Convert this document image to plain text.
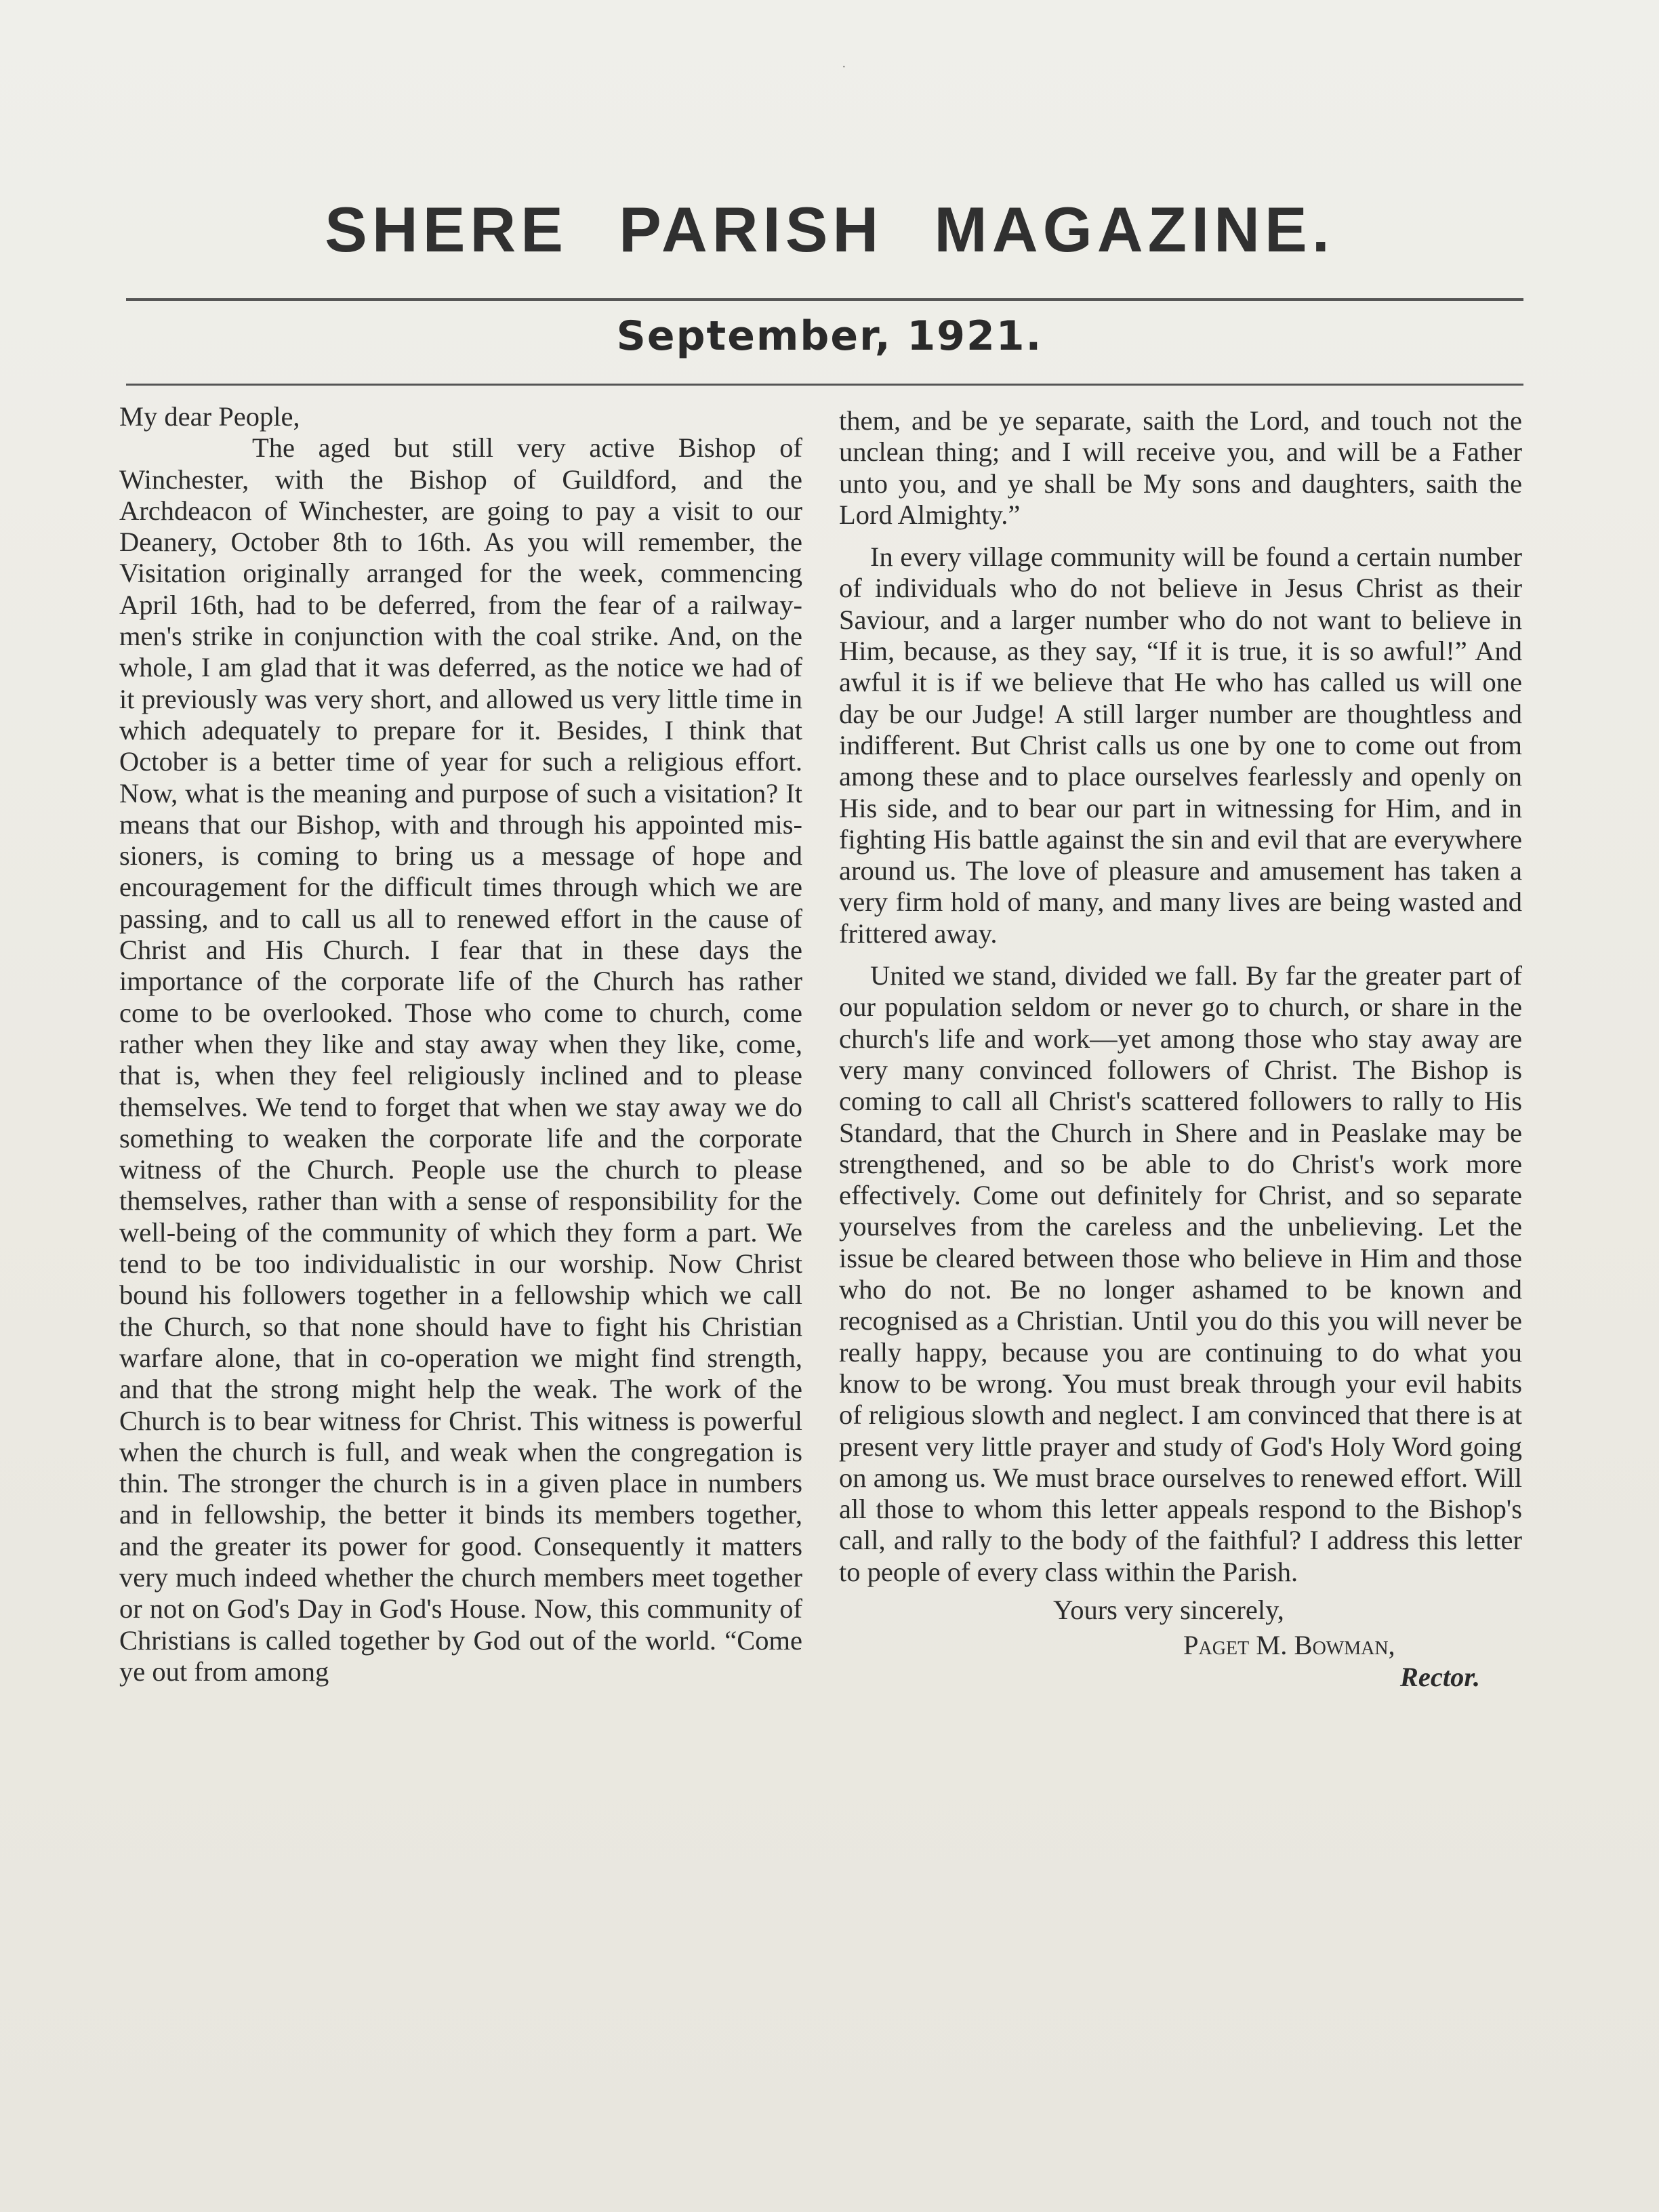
·
SHERE PARISH MAGAZINE.
September, 1921.

My dear People,

The aged but still very active Bishop of Winchester, with the Bishop of Guildford, and the Archdeacon of Winchester, are going to pay a visit to our Deanery, October 8th to 16th. As you will remember, the Visitation originally arranged for the week, commencing April 16th, had to be deferred, from the fear of a railwaymen's strike in conjunction with the coal strike. And, on the whole, I am glad that it was deferred, as the notice we had of it previously was very short, and allowed us very little time in which adequately to prepare for it. Besides, I think that October is a better time of year for such a religious effort. Now, what is the meaning and purpose of such a visitation? It means that our Bishop, with and through his appointed missioners, is coming to bring us a message of hope and encouragement for the difficult times through which we are passing, and to call us all to renewed effort in the cause of Christ and His Church. I fear that in these days the importance of the corporate life of the Church has rather come to be overlooked. Those who come to church, come rather when they like and stay away when they like, come, that is, when they feel religiously inclined and to please themselves. We tend to forget that when we stay away we do something to weaken the corporate life and the corporate witness of the Church. People use the church to please themselves, rather than with a sense of responsibility for the well-being of the community of which they form a part. We tend to be too individualistic in our worship. Now Christ bound his followers together in a fellowship which we call the Church, so that none should have to fight his Christian warfare alone, that in co-operation we might find strength, and that the strong might help the weak. The work of the Church is to bear witness for Christ. This witness is powerful when the church is full, and weak when the congregation is thin. The stronger the church is in a given place in numbers and in fellowship, the better it binds its members together, and the greater its power for good. Consequently it matters very much indeed whether the church members meet together or not on God's Day in God's House. Now, this community of Christians is called together by God out of the world. “Come ye out from among

them, and be ye separate, saith the Lord, and touch not the unclean thing; and I will receive you, and will be a Father unto you, and ye shall be My sons and daughters, saith the Lord Almighty.”

In every village community will be found a certain number of individuals who do not believe in Jesus Christ as their Saviour, and a larger number who do not want to believe in Him, because, as they say, “If it is true, it is so awful!” And awful it is if we believe that He who has called us will one day be our Judge! A still larger number are thoughtless and indifferent. But Christ calls us one by one to come out from among these and to place ourselves fearlessly and openly on His side, and to bear our part in witnessing for Him, and in fighting His battle against the sin and evil that are everywhere around us. The love of pleasure and amusement has taken a very firm hold of many, and many lives are being wasted and frittered away.

United we stand, divided we fall. By far the greater part of our population seldom or never go to church, or share in the church's life and work—yet among those who stay away are very many convinced followers of Christ. The Bishop is coming to call all Christ's scattered followers to rally to His Standard, that the Church in Shere and in Peaslake may be strengthened, and so be able to do Christ's work more effectively. Come out definitely for Christ, and so separate yourselves from the careless and the unbelieving. Let the issue be cleared between those who believe in Him and those who do not. Be no longer ashamed to be known and recognised as a Christian. Until you do this you will never be really happy, because you are continuing to do what you know to be wrong. You must break through your evil habits of religious slowth and neglect. I am convinced that there is at present very little prayer and study of God's Holy Word going on among us. We must brace ourselves to renewed effort. Will all those to whom this letter appeals respond to the Bishop's call, and rally to the body of the faithful? I address this letter to people of every class within the Parish.

Yours very sincerely,

Paget M. Bowman,

Rector.
